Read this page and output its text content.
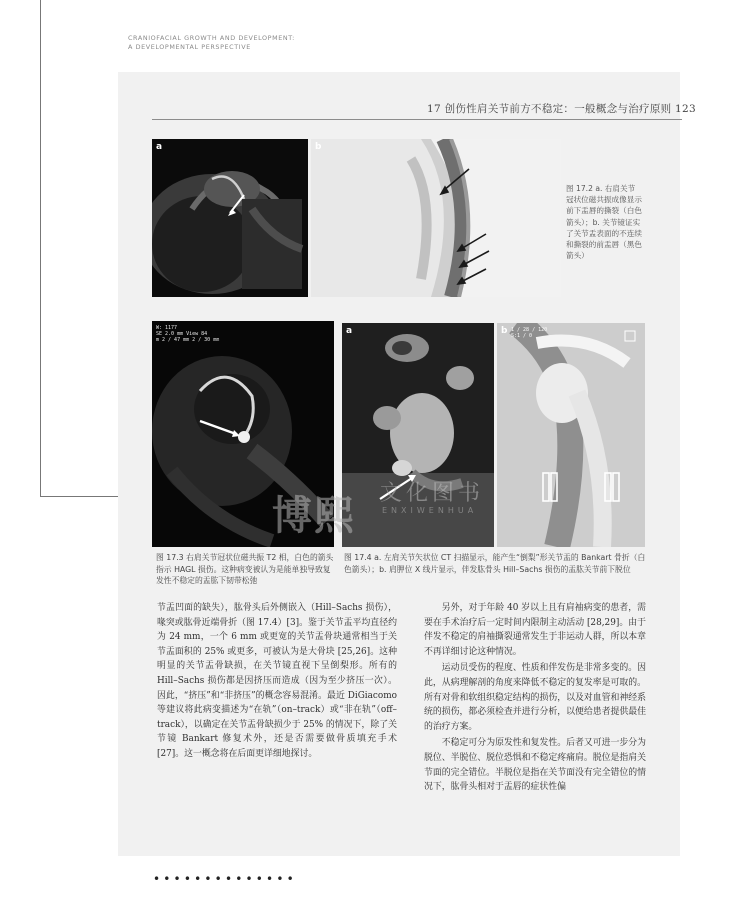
CRANIOFACIAL GROWTH AND DEVELOPMENT:
A DEVELOPMENTAL PERSPECTIVE
17 创伤性肩关节前方不稳定：一般概念与治疗原则 123
a	b
图 17.2 a. 右肩关节冠状位磁共振成像显示前下盂唇的撕裂（白色箭头）；b. 关节镜证实了关节盂表面的不连续和撕裂的前盂唇（黑色箭头）
W: 1177
SE 2.0 mm View 84
m 2 / 47 mm 2 / 30 mm
a	b 1 / 28 / 120
S:1 / 0
博熙 文化图书
ENXIWENHUA
图 17.3 右肩关节冠状位磁共振 T2 相，白色的箭头指示 HAGL 损伤。这种病变被认为是能单独导致复发性不稳定的盂肱下韧带松弛
图 17.4 a. 左肩关节矢状位 CT 扫描显示，能产生“倒梨”形关节盂的 Bankart 骨折（白色箭头）；b. 肩胛位 X 线片显示，伴发肱骨头 Hill–Sachs 损伤的盂肱关节前下脱位

节盂凹面的缺失），肱骨头后外侧嵌入（Hill–Sachs 损伤），喙突或肱骨近端骨折（图 17.4）[3]。鉴于关节盂平均直径约为 24 mm，一个 6 mm 或更宽的关节盂骨块通常相当于关节盂面积的 25% 或更多，可被认为是大骨块 [25,26]。这种明显的关节盂骨缺损，在关节镜直视下呈倒梨形。所有的 Hill–Sachs 损伤都是因挤压而造成（因为至少挤压一次）。因此，“挤压”和“非挤压”的概念容易混淆。最近 DiGiacomo 等建议将此病变描述为“在轨”（on–track）或“非在轨”（off–track），以确定在关节盂骨缺损少于 25% 的情况下，除了关节镜 Bankart 修复术外，还是否需要做骨质填充手术 [27]。这一概念将在后面更详细地探讨。

另外，对于年龄 40 岁以上且有肩袖病变的患者，需要在手术治疗后一定时间内限制主动活动 [28,29]。由于伴发不稳定的肩袖撕裂通常发生于非运动人群，所以本章不再详细讨论这种情况。

运动员受伤的程度、性质和伴发伤是非常多变的。因此，从病理解剖的角度来降低不稳定的复发率是可取的。所有对骨和软组织稳定结构的损伤，以及对血管和神经系统的损伤，都必须检查并进行分析，以便给患者提供最佳的治疗方案。

不稳定可分为原发性和复发性。后者又可进一步分为脱位、半脱位、脱位恐惧和不稳定疼痛肩。脱位是指肩关节面的完全错位。半脱位是指在关节面没有完全错位的情况下，肱骨头相对于盂唇的症状性偏

••••••••••••••
